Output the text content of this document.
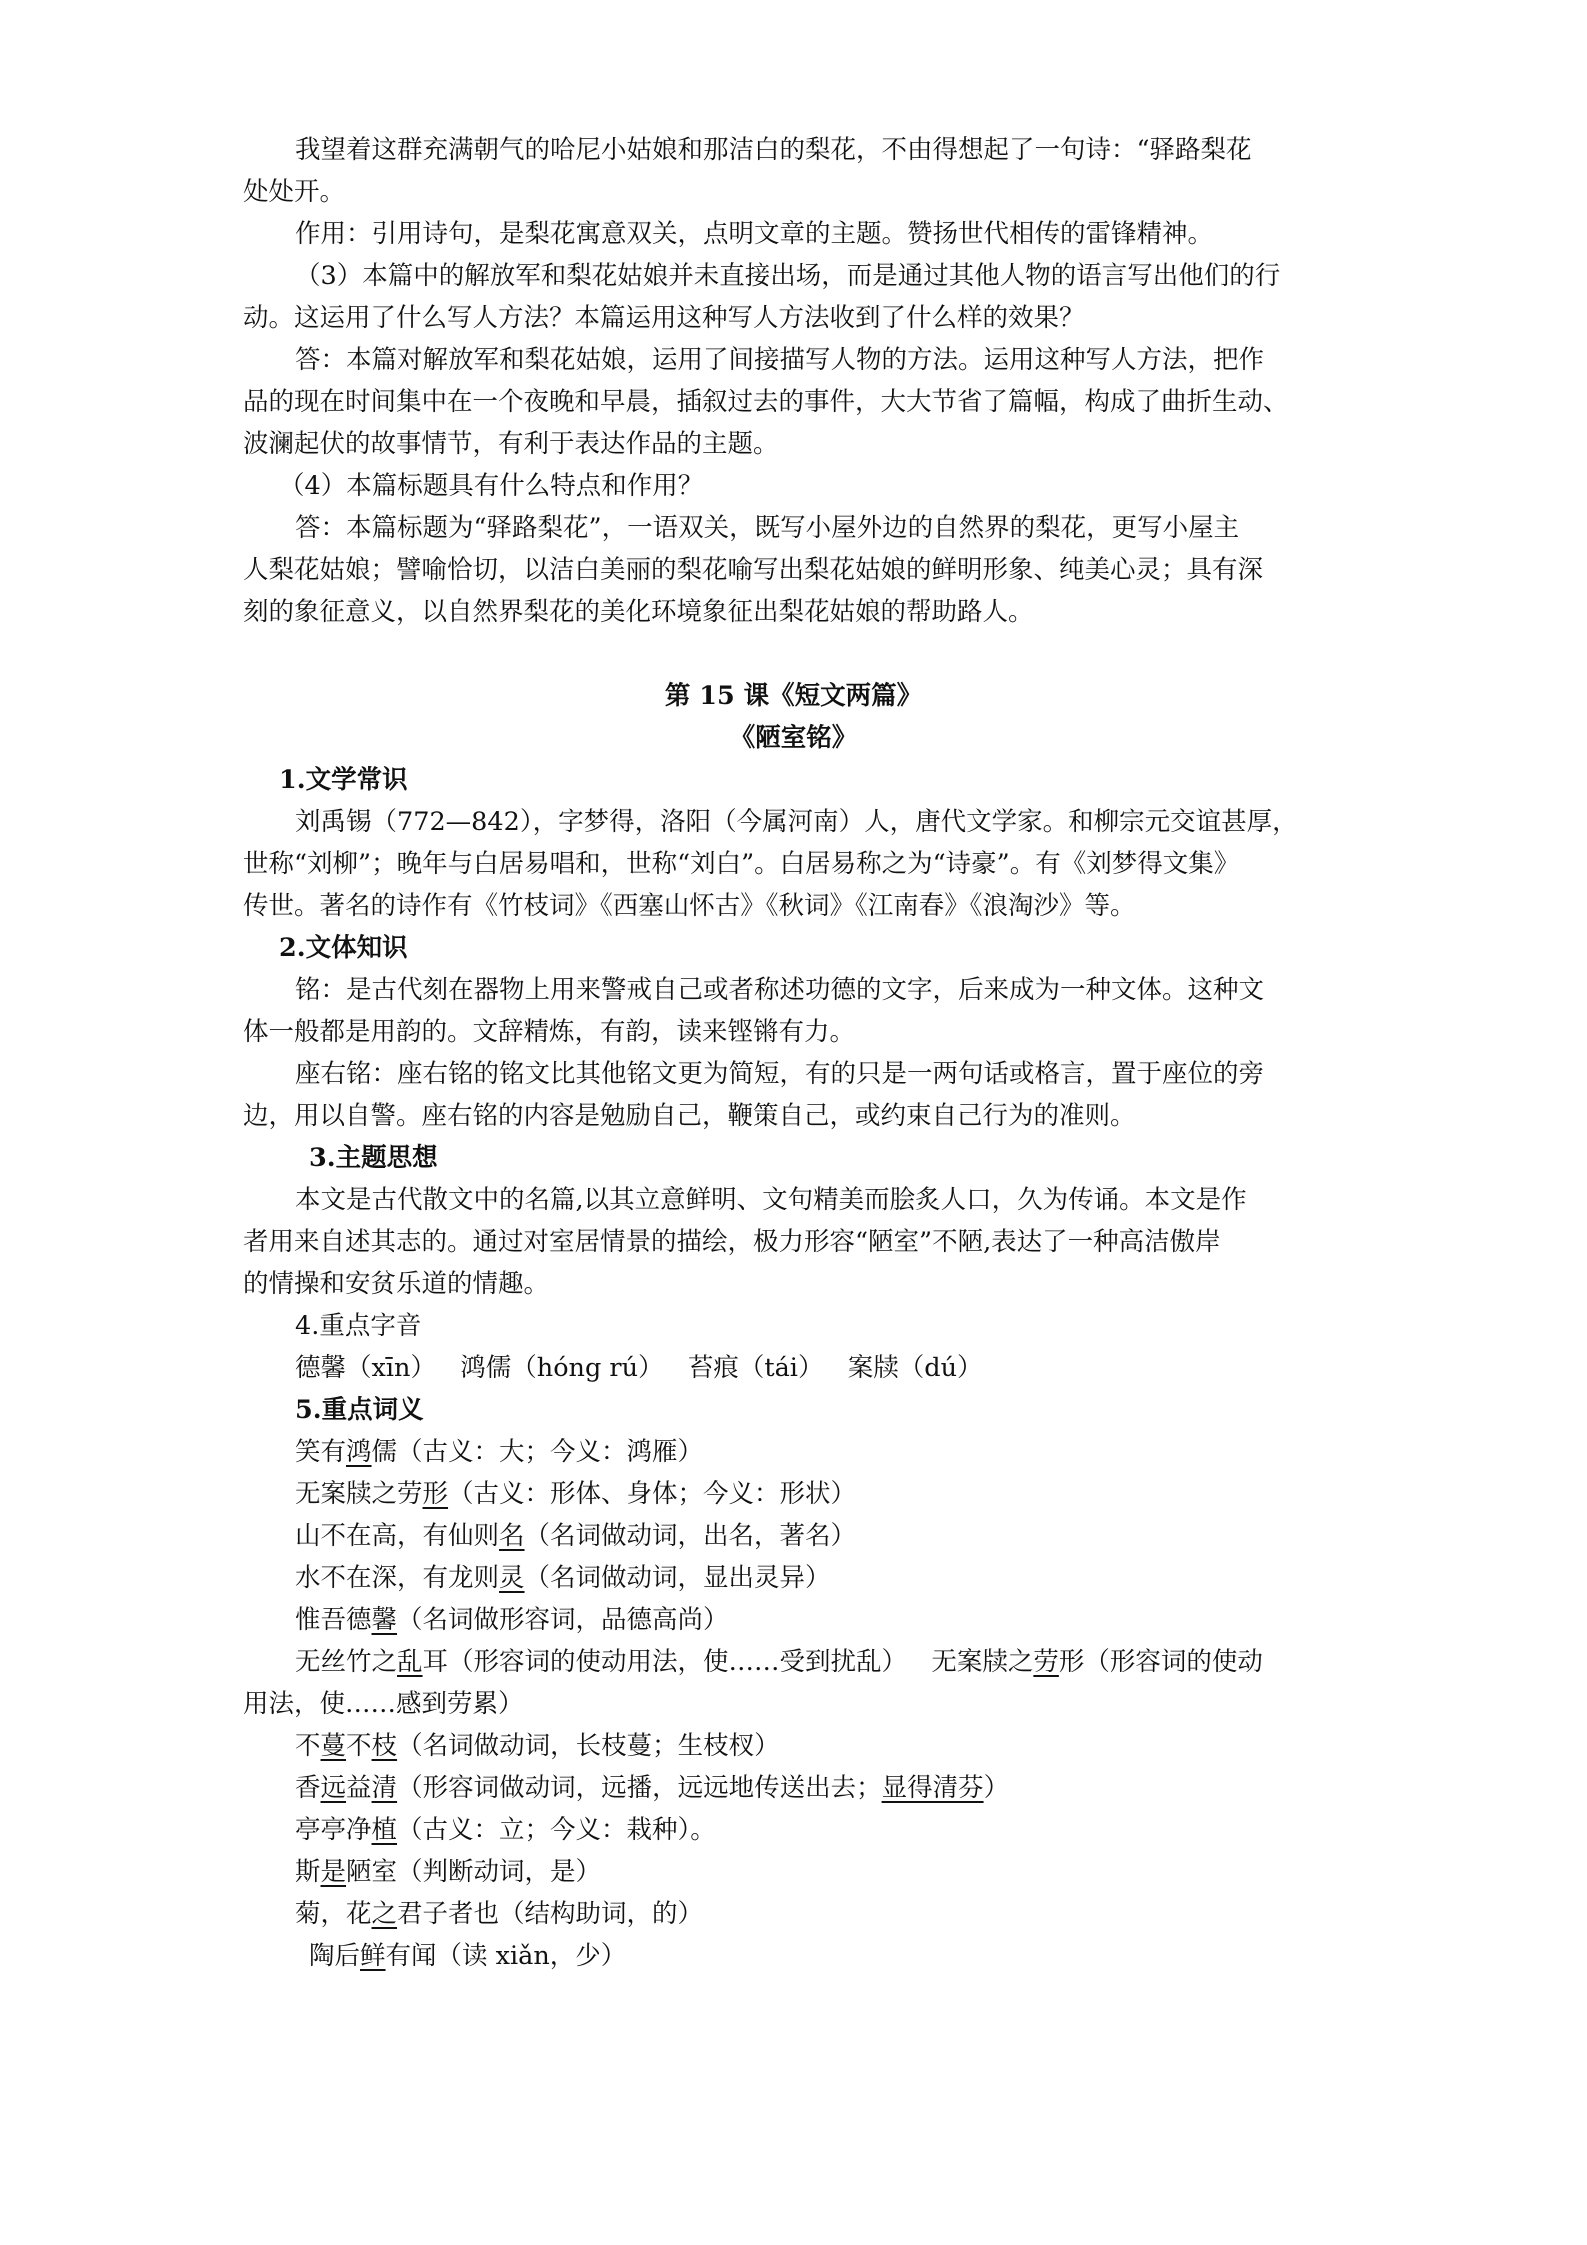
我望着这群充满朝气的哈尼小姑娘和那洁白的梨花，不由得想起了一句诗：“驿路梨花
处处开。
作用：引用诗句，是梨花寓意双关，点明文章的主题。赞扬世代相传的雷锋精神。
（3）本篇中的解放军和梨花姑娘并未直接出场，而是通过其他人物的语言写出他们的行
动。这运用了什么写人方法？本篇运用这种写人方法收到了什么样的效果？
答：本篇对解放军和梨花姑娘，运用了间接描写人物的方法。运用这种写人方法，把作
品的现在时间集中在一个夜晚和早晨，插叙过去的事件，大大节省了篇幅，构成了曲折生动、
波澜起伏的故事情节，有利于表达作品的主题。
（4）本篇标题具有什么特点和作用？
答：本篇标题为“驿路梨花”，一语双关，既写小屋外边的自然界的梨花，更写小屋主
人梨花姑娘；譬喻恰切，以洁白美丽的梨花喻写出梨花姑娘的鲜明形象、纯美心灵；具有深
刻的象征意义，以自然界梨花的美化环境象征出梨花姑娘的帮助路人。
第 15 课《短文两篇》
《陋室铭》
1.文学常识
刘禹锡（772—842），字梦得，洛阳（今属河南）人，唐代文学家。和柳宗元交谊甚厚，
世称“刘柳”；晚年与白居易唱和，世称“刘白”。白居易称之为“诗豪”。有《刘梦得文集》
传世。著名的诗作有《竹枝词》《西塞山怀古》《秋词》《江南春》《浪淘沙》等。
2.文体知识
铭：是古代刻在器物上用来警戒自己或者称述功德的文字，后来成为一种文体。这种文
体一般都是用韵的。文辞精炼，有韵，读来铿锵有力。
座右铭：座右铭的铭文比其他铭文更为简短，有的只是一两句话或格言，置于座位的旁
边，用以自警。座右铭的内容是勉励自己，鞭策自己，或约束自己行为的准则。
3.主题思想
本文是古代散文中的名篇,以其立意鲜明、文句精美而脍炙人口，久为传诵。本文是作
者用来自述其志的。通过对室居情景的描绘，极力形容“陋室”不陋,表达了一种高洁傲岸
的情操和安贫乐道的情趣。
4.重点字音
德馨（xīn）   鸿儒（hóng rú）   苔痕（tái）   案牍（dú）
5.重点词义
笑有鸿儒（古义：大；今义：鸿雁）
无案牍之劳形（古义：形体、身体；今义：形状）
山不在高，有仙则名（名词做动词，出名，著名）
水不在深，有龙则灵（名词做动词，显出灵异）
惟吾德馨（名词做形容词，品德高尚）
无丝竹之乱耳（形容词的使动用法，使……受到扰乱）   无案牍之劳形（形容词的使动
用法，使……感到劳累）
不蔓不枝（名词做动词，长枝蔓；生枝杈）
香远益清（形容词做动词，远播，远远地传送出去；显得清芬）
亭亭净植（古义：立；今义：栽种）。
斯是陋室（判断动词，是）
菊，花之君子者也（结构助词，的）
陶后鲜有闻（读 xiǎn，少）
